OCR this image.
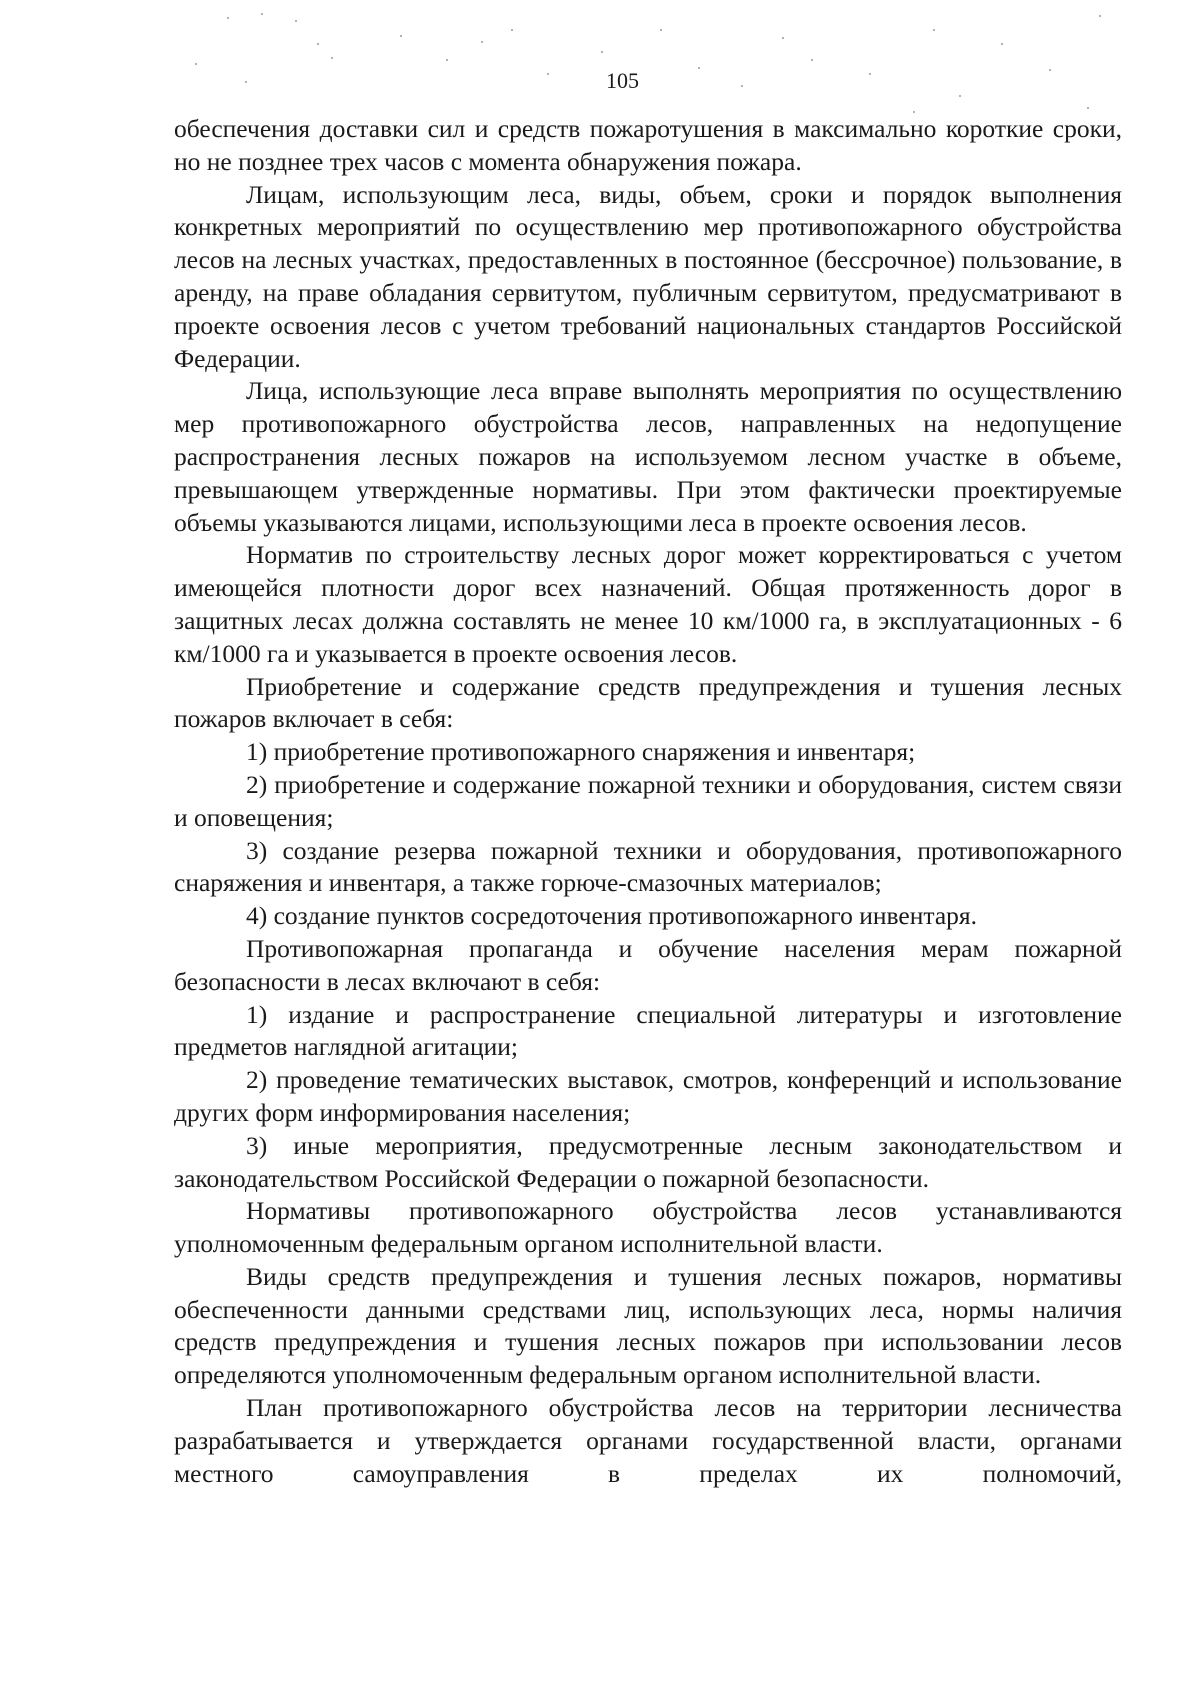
105

обеспечения доставки сил и средств пожаротушения в максимально короткие сроки, но не позднее трех часов с момента обнаружения пожара.

Лицам, использующим леса, виды, объем, сроки и порядок выполнения конкретных мероприятий по осуществлению мер противопожарного обустройства лесов на лесных участках, предоставленных в постоянное (бессрочное) пользование, в аренду, на праве обладания сервитутом, публичным сервитутом, предусматривают в проекте освоения лесов с учетом требований национальных стандартов Российской Федерации.

Лица, использующие леса вправе выполнять мероприятия по осуществлению мер противопожарного обустройства лесов, направленных на недопущение распространения лесных пожаров на используемом лесном участке в объеме, превышающем утвержденные нормативы. При этом фактически проектируемые объемы указываются лицами, использующими леса в проекте освоения лесов.

Норматив по строительству лесных дорог может корректироваться с учетом имеющейся плотности дорог всех назначений. Общая протяженность дорог в защитных лесах должна составлять не менее 10 км/1000 га, в эксплуатационных - 6 км/1000 га и указывается в проекте освоения лесов.

Приобретение и содержание средств предупреждения и тушения лесных пожаров включает в себя:

1) приобретение противопожарного снаряжения и инвентаря;

2) приобретение и содержание пожарной техники и оборудования, систем связи и оповещения;

3) создание резерва пожарной техники и оборудования, противопожарного снаряжения и инвентаря, а также горюче-смазочных материалов;

4) создание пунктов сосредоточения противопожарного инвентаря.

Противопожарная пропаганда и обучение населения мерам пожарной безопасности в лесах включают в себя:

1) издание и распространение специальной литературы и изготовление предметов наглядной агитации;

2) проведение тематических выставок, смотров, конференций и использование других форм информирования населения;

3) иные мероприятия, предусмотренные лесным законодательством и законодательством Российской Федерации о пожарной безопасности.

Нормативы противопожарного обустройства лесов устанавливаются уполномоченным федеральным органом исполнительной власти.

Виды средств предупреждения и тушения лесных пожаров, нормативы обеспеченности данными средствами лиц, использующих леса, нормы наличия средств предупреждения и тушения лесных пожаров при использовании лесов определяются уполномоченным федеральным органом исполнительной власти.

План противопожарного обустройства лесов на территории лесничества разрабатывается и утверждается органами государственной власти, органами местного самоуправления в пределах их полномочий,
